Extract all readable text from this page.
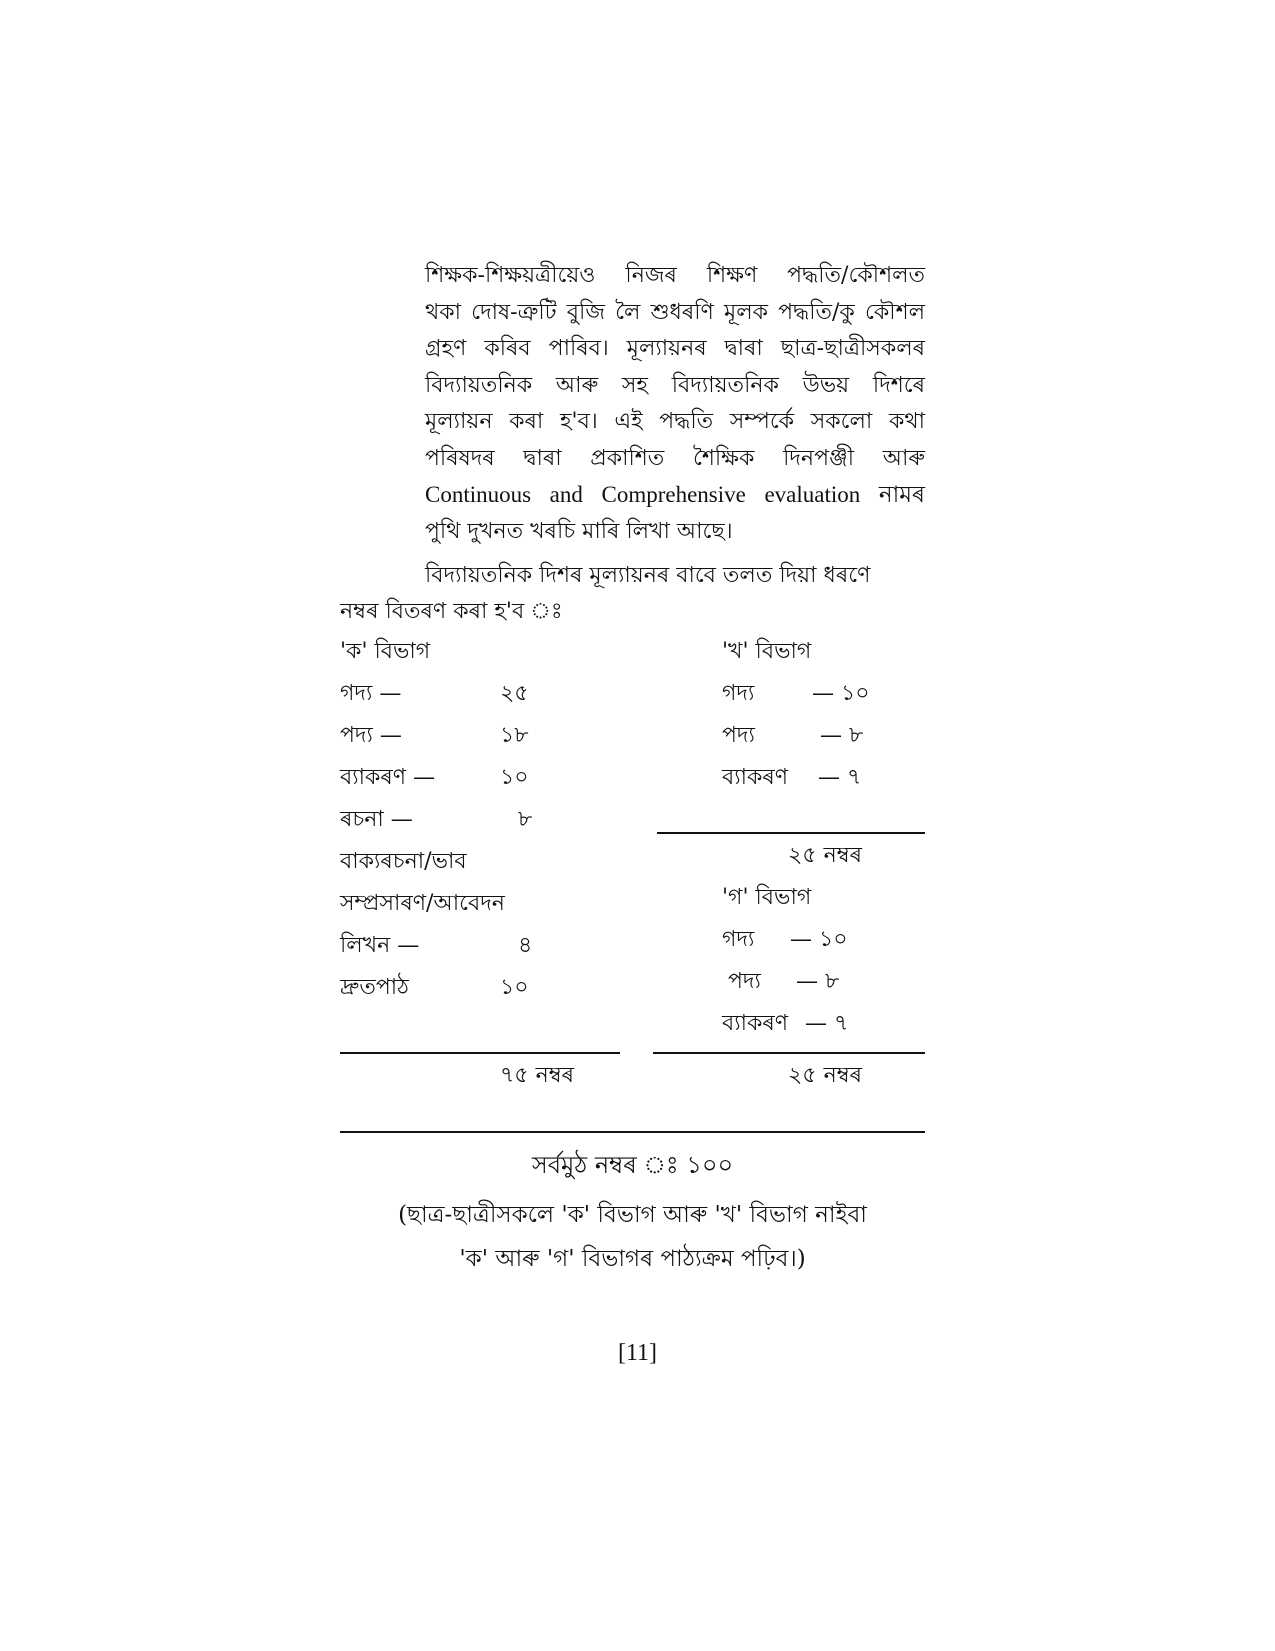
শিক্ষক-শিক্ষয়ত্ৰীয়েও নিজৰ শিক্ষণ পদ্ধতি/কৌশলত
থকা দোষ-ত্ৰুটি বুজি লৈ শুধৰণি মূলক পদ্ধতি/কু কৌশল
গ্ৰহণ কৰিব পাৰিব। মূল্যায়নৰ দ্বাৰা ছাত্ৰ-ছাত্ৰীসকলৰ
বিদ্যায়তনিক আৰু সহ বিদ্যায়তনিক উভয় দিশৰে
মূল্যায়ন কৰা হ'ব। এই পদ্ধতি সম্পৰ্কে সকলো কথা
পৰিষদৰ দ্বাৰা প্ৰকাশিত শৈক্ষিক দিনপঞ্জী আৰু
Continuous and Comprehensive evaluation নামৰ
পুথি দুখনত খৰচি মাৰি লিখা আছে।

বিদ্যায়তনিক দিশৰ মূল্যায়নৰ বাবে তলত দিয়া ধৰণে
নম্বৰ বিতৰণ কৰা হ'ব ঃ

'ক' বিভাগ
গদ্য —	২৫
পদ্য —	১৮
ব্যাকৰণ —	১০
ৰচনা —	৮
বাক্যৰচনা/ভাব
সম্প্ৰসাৰণ/আবেদন
লিখন —	৪
দ্ৰুতপাঠ	১০
৭৫ নম্বৰ
'খ' বিভাগ
গদ্য	— ১০
পদ্য	— ৮
ব্যাকৰণ — ৭
২৫ নম্বৰ
'গ' বিভাগ
গদ্য — ১০
পদ্য — ৮
ব্যাকৰণ — ৭
২৫ নম্বৰ
সৰ্বমুঠ নম্বৰ ঃ ১০০
(ছাত্ৰ-ছাত্ৰীসকলে 'ক' বিভাগ আৰু 'খ' বিভাগ নাইবা
'ক' আৰু 'গ' বিভাগৰ পাঠ্যক্ৰম পঢ়িব।)
[11]
